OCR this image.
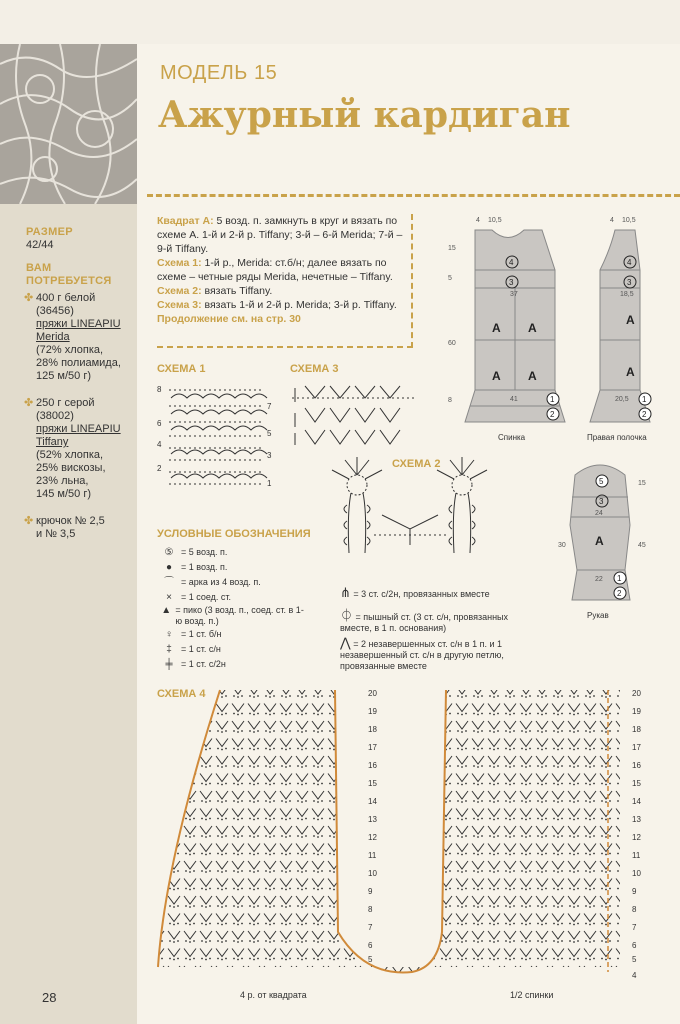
МОДЕЛЬ 15
Ажурный кардиган
РАЗМЕР
42/44
ВАМ ПОТРЕБУЕТСЯ
✤ 400 г белой
(36456)
пряжи LINEAPIU
Merida
(72% хлопка,
28% полиамида,
125 м/50 г)
✤ 250 г серой
(38002)
пряжи LINEAPIU
Tiffany
(52% хлопка,
25% вискозы,
23% льна,
145 м/50 г)
✤ крючок № 2,5
и № 3,5
28
Квадрат А: 5 возд. п. замкнуть в круг и вязать по схеме А. 1-й и 2-й р. Tiffany; 3-й – 6-й Merida; 7-й – 9-й Tiffany.
Схема 1: 1-й р., Merida: ст.б/н; далее вязать по схеме – четные ряды Merida, нечетные – Tiffany.
Схема 2: вязать Tiffany.
Схема 3: вязать 1-й и 2-й р. Merida; 3-й р. Tiffany.
Продолжение см. на стр. 30
А А
А А
4
3
1
2
4 10,5
15
5
37
60
8	41
Спинка
А
А
4
3
1
2
4 10,5
18,5
20,5
Правая полочка
А
5
3
1
2
15
24
30	45
22
Рукав
СХЕМА 1
8
7
6
5
4
3
2
1
СХЕМА 3
СХЕМА 2
УСЛОВНЫЕ ОБОЗНАЧЕНИЯ
⑤ = 5 возд. п.
● = 1 возд. п.
⌒ = арка из 4 возд. п.
×	= 1 соед. ст.
▲ = пико (3 возд. п., соед. ст. в 1-ю возд. п.)
♀ = 1 ст. б/н
‡	= 1 ст. с/н
╪ = 1 ст. с/2н
⋔ = 3 ст. с/2н, провязанных вместе
⏀ = пышный ст. (3 ст. с/н, провязанных вместе, в 1 п. основания)
⋀ = 2 незавершенных ст. с/н в 1 п. и 1 незавершенный ст. с/н в другую петлю, провязанные вместе
СХЕМА 4	20	20
19	19
18	18
17	17
16	16
15	15
14	14
13	13
12	12
11	11
10	10
9	9
8	8
7	7
6	6
5	5
4
4 р. от квадрата	1/2 спинки
